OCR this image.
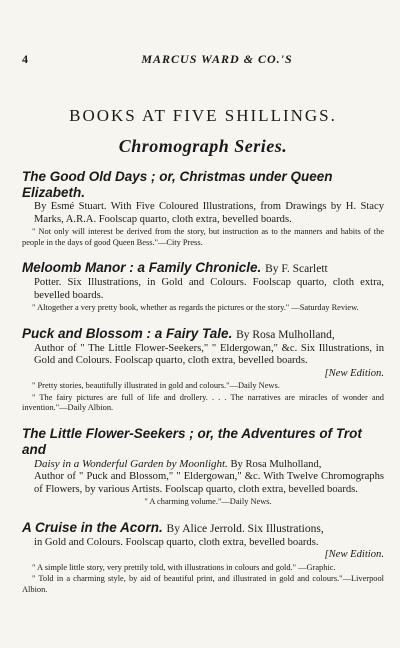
4	MARCUS WARD & CO.'S
BOOKS AT FIVE SHILLINGS.
Chromograph Series.
The Good Old Days ; or, Christmas under Queen Elizabeth.
By Esmé Stuart. With Five Coloured Illustrations, from Drawings by H. Stacy Marks, A.R.A. Foolscap quarto, cloth extra, bevelled boards.
" Not only will interest be derived from the story, but instruction as to the manners and habits of the people in the days of good Queen Bess."—City Press.
Meloomb Manor : a Family Chronicle. By F. Scarlett
Potter. Six Illustrations, in Gold and Colours. Foolscap quarto, cloth extra, bevelled boards.
" Altogether a very pretty book, whether as regards the pictures or the story." —Saturday Review.
Puck and Blossom : a Fairy Tale. By Rosa Mulholland,
Author of " The Little Flower-Seekers," " Eldergowan," &c. Six Illustrations, in Gold and Colours. Foolscap quarto, cloth extra, bevelled boards.
[New Edition.
" Pretty stories, beautifully illustrated in gold and colours."—Daily News.
" The fairy pictures are full of life and drollery. . . . The narratives are miracles of wonder and invention."—Daily Albion.
The Little Flower-Seekers ; or, the Adventures of Trot and
Daisy in a Wonderful Garden by Moonlight. By Rosa Mulholland,
Author of " Puck and Blossom," " Eldergowan," &c. With Twelve Chromographs of Flowers, by various Artists. Foolscap quarto, cloth extra, bevelled boards.
" A charming volume."—Daily News.
A Cruise in the Acorn. By Alice Jerrold. Six Illustrations,
in Gold and Colours. Foolscap quarto, cloth extra, bevelled boards.
[New Edition.
" A simple little story, very prettily told, with illustrations in colours and gold." —Graphic.
" Told in a charming style, by aid of beautiful print, and illustrated in gold and colours."—Liverpool Albion.
